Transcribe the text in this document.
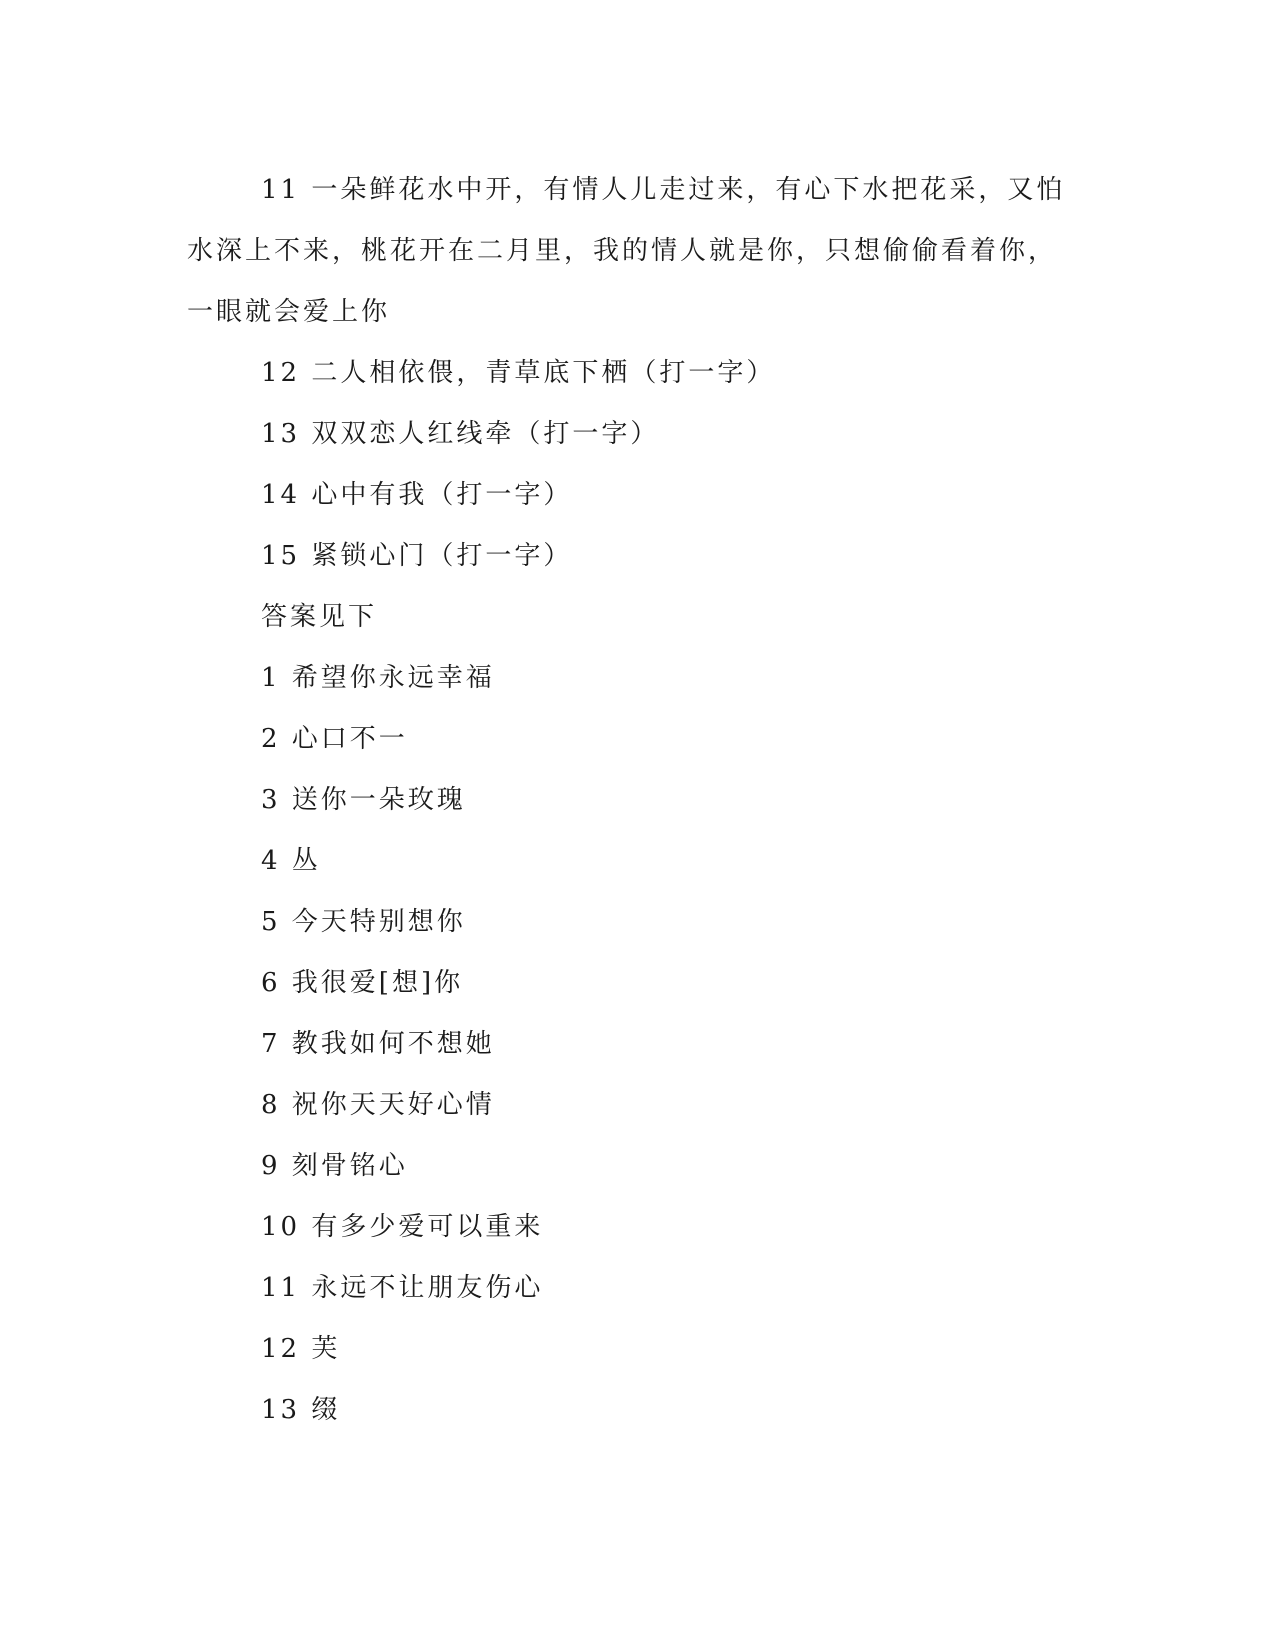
11 一朵鲜花水中开，有情人儿走过来，有心下水把花采，又怕水深上不来，桃花开在二月里，我的情人就是你，只想偷偷看着你，一眼就会爱上你

12 二人相依偎，青草底下栖（打一字）

13 双双恋人红线牵（打一字）

14 心中有我（打一字）

15 紧锁心门（打一字）

答案见下

1 希望你永远幸福

2 心口不一

3 送你一朵玫瑰

4 丛

5 今天特别想你

6 我很爱[想]你

7 教我如何不想她

8 祝你天天好心情

9 刻骨铭心

10 有多少爱可以重来

11 永远不让朋友伤心

12 芙

13 缀
